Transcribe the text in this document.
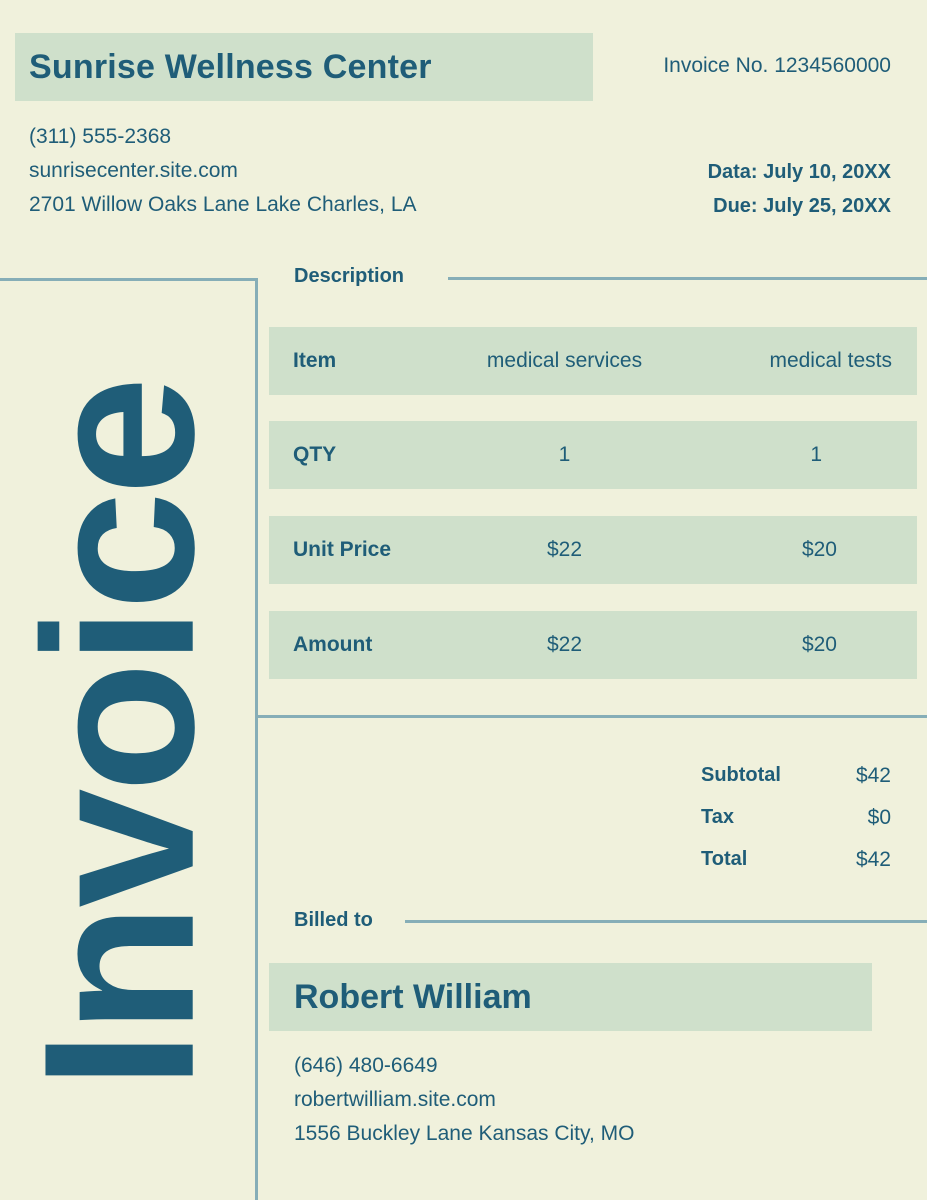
Sunrise Wellness Center	Invoice No. 1234560000
(311) 555-2368
sunrisecenter.site.com
2701 Willow Oaks Lane Lake Charles, LA
Data: July 10, 20XX
Due: July 25, 20XX
Invoice
Description
Item	medical services	medical tests
QTY	1	1
Unit Price	$22	$20
Amount	$22	$20
Subtotal	$42
Tax	$0
Total	$42
Billed to
Robert William
(646) 480-6649
robertwilliam.site.com
1556 Buckley Lane Kansas City, MO
